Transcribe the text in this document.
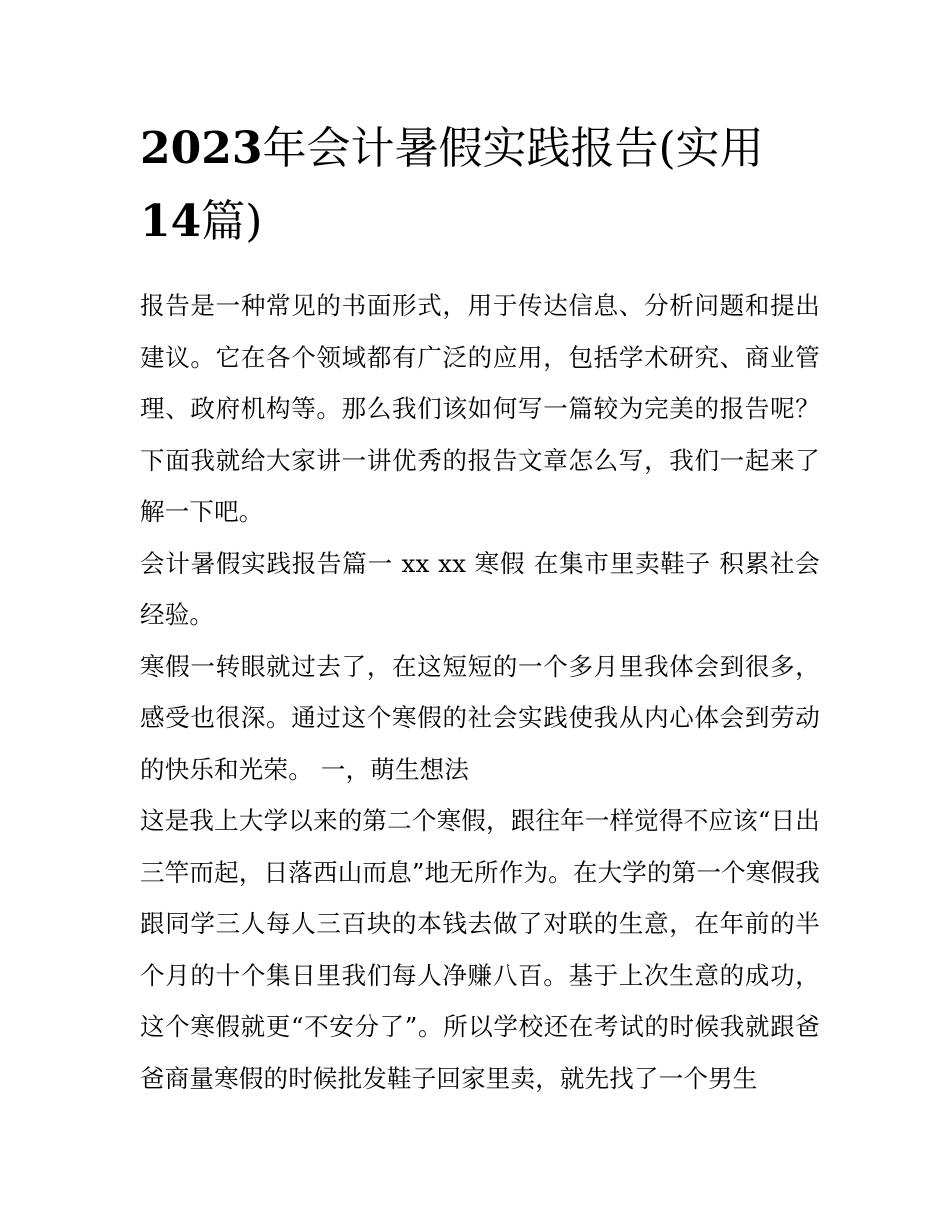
2023年会计暑假实践报告(实用14篇)

报告是一种常见的书面形式，用于传达信息、分析问题和提出建议。它在各个领域都有广泛的应用，包括学术研究、商业管理、政府机构等。那么我们该如何写一篇较为完美的报告呢？下面我就给大家讲一讲优秀的报告文章怎么写，我们一起来了解一下吧。

会计暑假实践报告篇一 xx xx 寒假 在集市里卖鞋子 积累社会经验。

寒假一转眼就过去了，在这短短的一个多月里我体会到很多，感受也很深。通过这个寒假的社会实践使我从内心体会到劳动的快乐和光荣。 一，萌生想法

这是我上大学以来的第二个寒假，跟往年一样觉得不应该“日出三竿而起，日落西山而息”地无所作为。在大学的第一个寒假我跟同学三人每人三百块的本钱去做了对联的生意，在年前的半个月的十个集日里我们每人净赚八百。基于上次生意的成功，这个寒假就更“不安分了”。所以学校还在考试的时候我就跟爸爸商量寒假的时候批发鞋子回家里卖，就先找了一个男生
